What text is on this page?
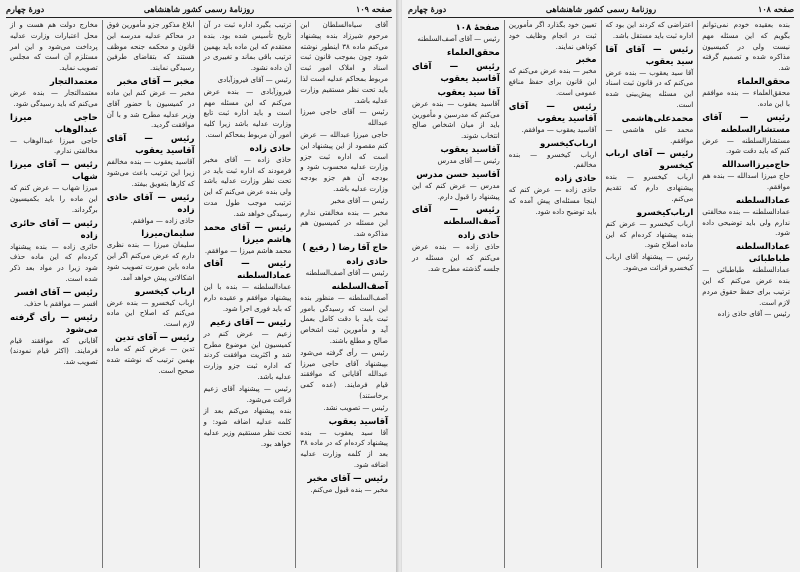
صفحه ۱۰۹
روزنامهٔ رسمی کشور شاهنشاهی
دورهٔ چهارم

آقای سیاه‌السلطان ابن مرحوم شیرزاد بنده پیشنهاد می‌کنم ماده ۳۸ اینطور نوشته شود چون بموجب قانون ثبت اسناد و املاک امور ثبت مربوط بمحاکم عدلیه است لذا باید تحت نظر مستقیم وزارت عدلیه باشد.

رئیس — آقای حاجی میرزا عبدالله

حاجی میرزا عبدالله — عرض کنم مقصود از این پیشنهاد این است که اداره ثبت جزو وزارت عدلیه محسوب شود و بودجه آن هم جزو بودجه وزارت عدلیه باشد.

رئیس — آقای مخبر

مخبر — بنده مخالفتی ندارم این مسئله در کمیسیون هم مذاکره شد.

حاج آقا رضا ( رفیع )

حاذی زاده

رئیس — آقای آصف‌السلطنه

آصف‌السلطنه

آصف‌السلطنه — منظور بنده این است که رسیدگی بامور ثبت باید با دقت کامل بعمل آید و مأمورین ثبت اشخاص صالح و مطلع باشند.

رئیس — رأی گرفته می‌شود بپیشنهاد آقای حاجی میرزا عبدالله آقایانی که موافقند قیام فرمایند. (عده کمی برخاستند)

رئیس — تصویب نشد.

آقاسید یعقوب

آقا سید یعقوب — بنده پیشنهاد کرده‌ام که در ماده ۳۸ بعد از کلمه وزارت عدلیه اضافه شود.

رئیس — آقای مخبر

مخبر — بنده قبول می‌کنم.

ترتیب بگیرد اداره ثبت در آن تاریخ تأسیس شده بود. بنده معتقدم که این ماده باید بهمین ترتیب باقی بماند و تغییری در آن داده نشود.

رئیس — آقای فیروزآبادی

فیروزآبادی — بنده عرض می‌کنم که این مسئله مهم است و باید اداره ثبت تابع وزارت عدلیه باشد زیرا کلیه امور آن مربوط بمحاکم است.

حاذی زاده

حاذی زاده — آقای مخبر فرمودند که اداره ثبت باید در تحت نظر وزارت عدلیه باشد ولی بنده عرض می‌کنم که این ترتیب موجب طول مدت رسیدگی خواهد شد.

رئیس — آقای محمد هاشم میرزا

محمد هاشم میرزا — موافقم.

رئیس — آقای عمادالسلطنه

عمادالسلطنه — بنده با این پیشنهاد موافقم و عقیده دارم که باید فوری اجرا شود.

رئیس — آقای زعیم

زعیم — عرض کنم در کمیسیون این موضوع مطرح شد و اکثریت موافقت کردند که اداره ثبت جزو وزارت عدلیه باشد.

رئیس — پیشنهاد آقای زعیم قرائت می‌شود.

بنده پیشنهاد می‌کنم بعد از کلمه عدلیه اضافه شود: و تحت نظر مستقیم وزیر عدلیه خواهد بود.

ابلاغ مذکور جزو مأمورین فوق در محاکم عدلیه مدرسه این قانون و محکمه جنحه موظف هستند که بتقاضای طرفین رسیدگی نمایند.

مخبر — آقای مخبر

مخبر — عرض کنم این ماده در کمیسیون با حضور آقای وزیر عدلیه مطرح شد و با آن موافقت گردید.

رئیس — آقای آقاسید یعقوب

آقاسید یعقوب — بنده مخالفم زیرا این ترتیب باعث می‌شود که کارها بتعویق بیفتد.

رئیس — آقای حاذی زاده

حاذی زاده — موافقم.

سلیمان‌میرزا

سلیمان میرزا — بنده نظری دارم که عرض می‌کنم اگر این ماده باین صورت تصویب شود اشکالاتی پیش خواهد آمد.

ارباب کیخسرو

ارباب کیخسرو — بنده عرض می‌کنم که اصلاح این ماده لازم است.

رئیس — آقای تدین

تدین — عرض کنم که ماده بهمین ترتیب که نوشته شده صحیح است.

مخارج دولت هم هست و از محل اعتبارات وزارت عدلیه پرداخت می‌شود و این امر مستلزم آن است که مجلس تصویب نماید.

معتمدالتجار

معتمدالتجار — بنده عرض می‌کنم که باید رسیدگی شود.

حاجی میرزا عبدالوهاب

حاجی میرزا عبدالوهاب — مخالفتی ندارم.

رئیس — آقای میرزا شهاب

میرزا شهاب — عرض کنم که این ماده را باید بکمیسیون برگرداند.

رئیس — آقای حائری زاده

حائری زاده — بنده پیشنهاد کرده‌ام که این ماده حذف شود زیرا در مواد بعد ذکر شده است.

رئیس — آقای افسر

افسر — موافقم با حذف.

رئیس — رأی گرفته می‌شود

آقایانی که موافقند قیام فرمایند. (اکثر قیام نمودند) تصویب شد.

صفحه ۱۰۸
روزنامهٔ رسمی کشور شاهنشاهی
دورهٔ چهارم

بنده بعقیده خودم نمی‌توانم بگویم که این مسئله مهم نیست ولی در کمیسیون مذاکره شده و تصمیم گرفته شد.

محقق‌العلماء

محقق‌العلماء — بنده موافقم با این ماده.

رئیس — آقای مستشارالسلطنه

مستشارالسلطنه — عرض کنم که باید دقت شود.

حاج‌میرزا‌اسدالله

حاج میرزا اسدالله — بنده هم موافقم.

عمادالسلطنه

عمادالسلطنه — بنده مخالفتی ندارم ولی باید توضیحی داده شود.

عمادالسلطنه طباطبائی

عمادالسلطنه طباطبائی — بنده عرض می‌کنم که این ترتیب برای حفظ حقوق مردم لازم است.

رئیس — آقای حاذی زاده

اعتراضی که کردند این بود که اداره ثبت باید مستقل باشد.

رئیس — آقای آقا سید یعقوب

آقا سید یعقوب — بنده عرض می‌کنم که در قانون ثبت اسناد این مسئله پیش‌بینی شده است.

محمدعلی‌هاشمی

محمد علی هاشمی — موافقم.

رئیس — آقای ارباب کیخسرو

ارباب کیخسرو — بنده پیشنهادی دارم که تقدیم می‌کنم.

ارباب‌کیخسرو

ارباب کیخسرو — عرض کنم بنده پیشنهاد کرده‌ام که این ماده اصلاح شود.

رئیس — پیشنهاد آقای ارباب کیخسرو قرائت می‌شود.

تعیین خود بگذارد اگر مأمورین ثبت در انجام وظایف خود کوتاهی نمایند.

مخبر

مخبر — بنده عرض می‌کنم که این قانون برای حفظ منافع عمومی است.

رئیس — آقای آقاسید یعقوب

آقاسید یعقوب — موافقم.

ارباب‌کیخسرو

ارباب کیخسرو — بنده مخالفم.

حاذی زاده

حاذی زاده — عرض کنم که اینجا مسئله‌ای پیش آمده که باید توضیح داده شود.

صفحهٔ ۱۰۸

رئیس — آقای آصف‌السلطنه

محقق‌العلماء

رئیس — آقای آقاسید یعقوب

آقا سید یعقوب

آقاسید یعقوب — بنده عرض می‌کنم که مدرسین و مأمورین باید از میان اشخاص صالح انتخاب شوند.

آقاسید یعقوب

رئیس — آقای مدرس

آقاسید حسن مدرس

مدرس — عرض کنم که این پیشنهاد را قبول دارم.

رئیس — آقای آصف‌السلطنه

حاذی زاده

حاذی زاده — بنده عرض می‌کنم که این مسئله در جلسه گذشته مطرح شد.
